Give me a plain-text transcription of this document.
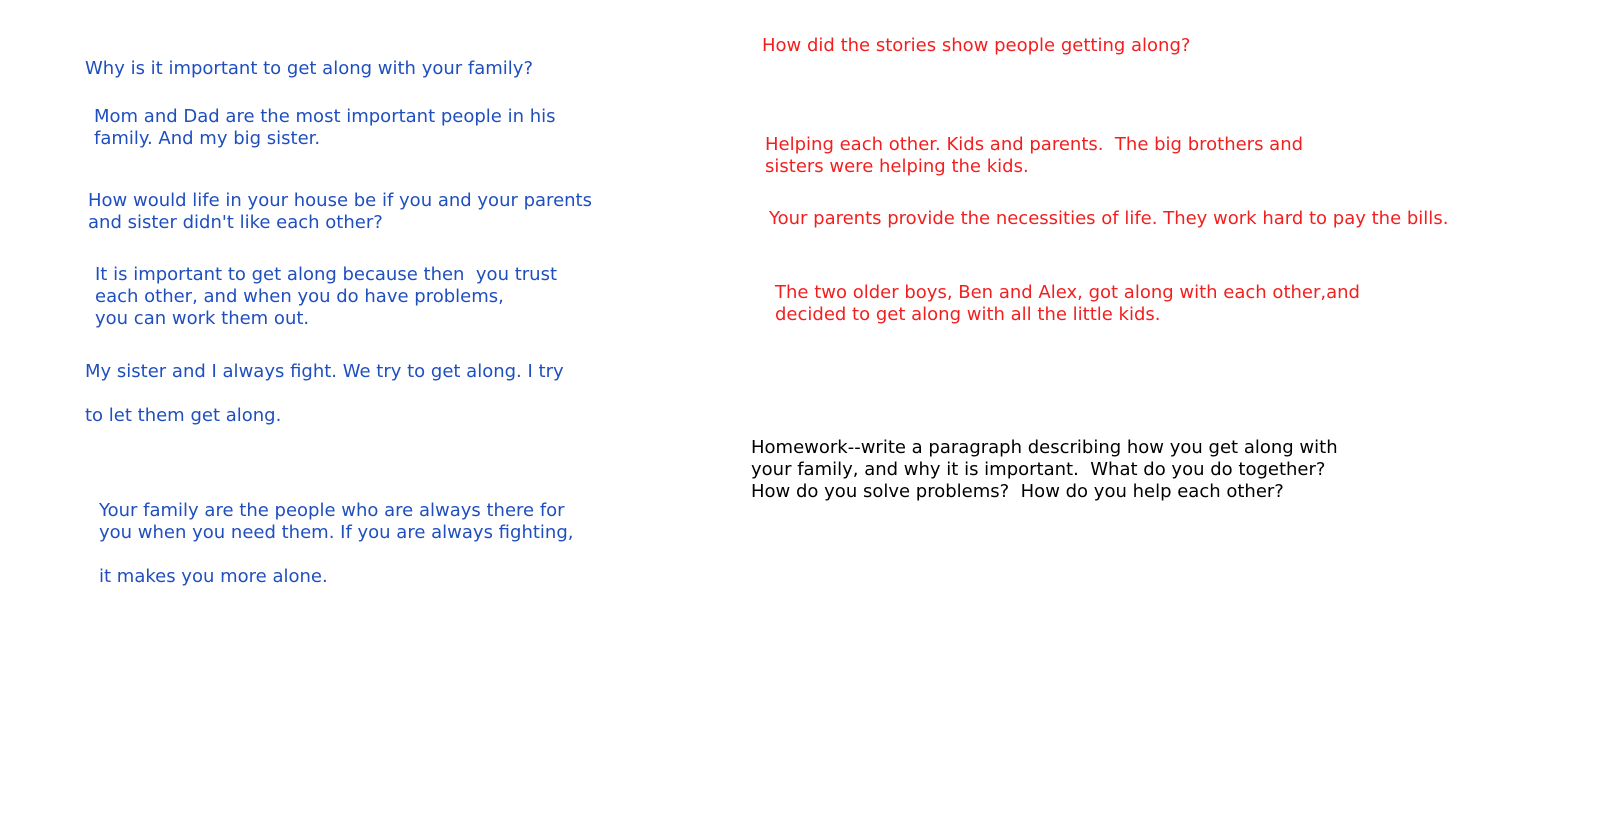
Why is it important to get along with your family?
Mom and Dad are the most important people in his
family. And my big sister.
How would life in your house be if you and your parents
and sister didn't like each other?
It is important to get along because then  you trust
each other, and when you do have problems,
you can work them out.
My sister and I always fight. We try to get along. I try

to let them get along.
Your family are the people who are always there for
you when you need them. If you are always fighting,

it makes you more alone.
How did the stories show people getting along?
Helping each other. Kids and parents.  The big brothers and
sisters were helping the kids.
Your parents provide the necessities of life. They work hard to pay the bills.
The two older boys, Ben and Alex, got along with each other,and
decided to get along with all the little kids.
Homework--write a paragraph describing how you get along with
your family, and why it is important.  What do you do together?
How do you solve problems?  How do you help each other?
